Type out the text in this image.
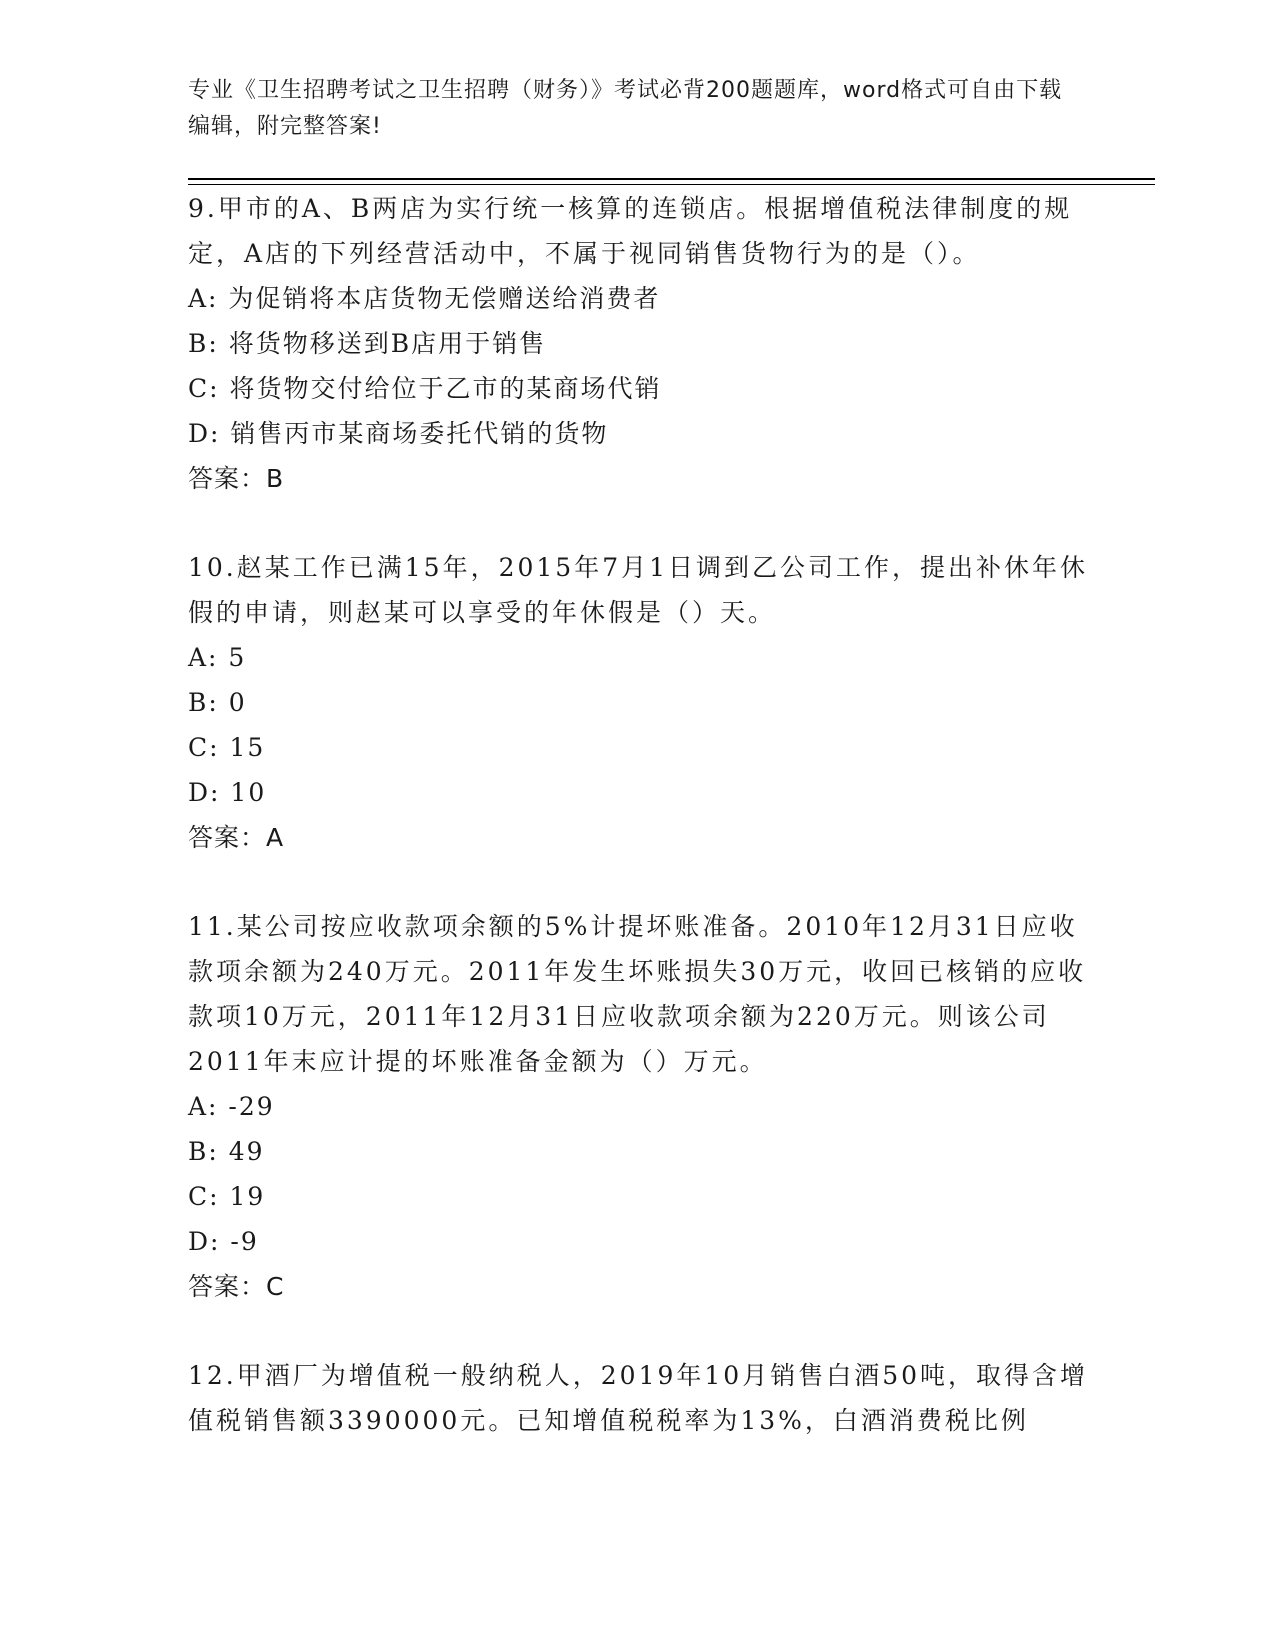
专业《卫生招聘考试之卫生招聘（财务）》考试必背200题题库，word格式可自由下载编辑，附完整答案!

9.甲市的A、B两店为实行统一核算的连锁店。根据增值税法律制度的规定，A店的下列经营活动中，不属于视同销售货物行为的是（）。

A: 为促销将本店货物无偿赠送给消费者

B: 将货物移送到B店用于销售

C: 将货物交付给位于乙市的某商场代销

D: 销售丙市某商场委托代销的货物

答案：B

10.赵某工作已满15年，2015年7月1日调到乙公司工作，提出补休年休假的申请，则赵某可以享受的年休假是（）天。

A: 5

B: 0

C: 15

D: 10

答案：A

11.某公司按应收款项余额的5%计提坏账准备。2010年12月31日应收款项余额为240万元。2011年发生坏账损失30万元，收回已核销的应收款项10万元，2011年12月31日应收款项余额为220万元。则该公司2011年末应计提的坏账准备金额为（）万元。

A: -29

B: 49

C: 19

D: -9

答案：C

12.甲酒厂为增值税一般纳税人，2019年10月销售白酒50吨，取得含增值税销售额3390000元。已知增值税税率为13%，白酒消费税比例
